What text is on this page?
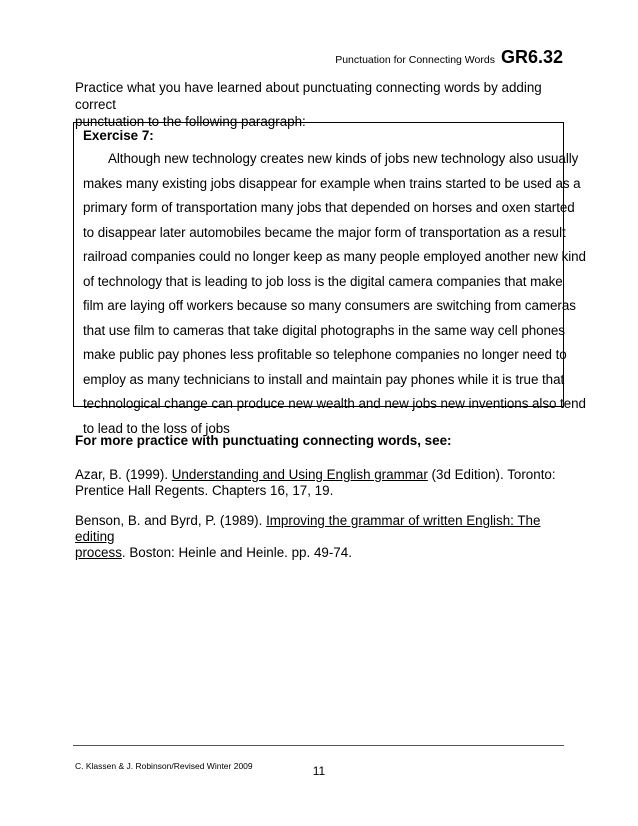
Punctuation for Connecting Words GR6.32
Practice what you have learned about punctuating connecting words by adding correct
punctuation to the following paragraph:
Exercise 7:
Although new technology creates new kinds of jobs new technology also usually
makes many existing jobs disappear for example when trains started to be used as a
primary form of transportation many jobs that depended on horses and oxen started
to disappear later automobiles became the major form of transportation as a result
railroad companies could no longer keep as many people employed another new kind
of technology that is leading to job loss is the digital camera companies that make
film are laying off workers because so many consumers are switching from cameras
that use film to cameras that take digital photographs in the same way cell phones
make public pay phones less profitable so telephone companies no longer need to
employ as many technicians to install and maintain pay phones while it is true that
technological change can produce new wealth and new jobs new inventions also tend
to lead to the loss of jobs
For more practice with punctuating connecting words, see:
Azar, B. (1999). Understanding and Using English grammar (3d Edition). Toronto:
Prentice Hall Regents. Chapters 16, 17, 19.
Benson, B. and Byrd, P. (1989). Improving the grammar of written English: The editing
process. Boston: Heinle and Heinle. pp. 49-74.
C. Klassen & J. Robinson/Revised Winter 2009	11
